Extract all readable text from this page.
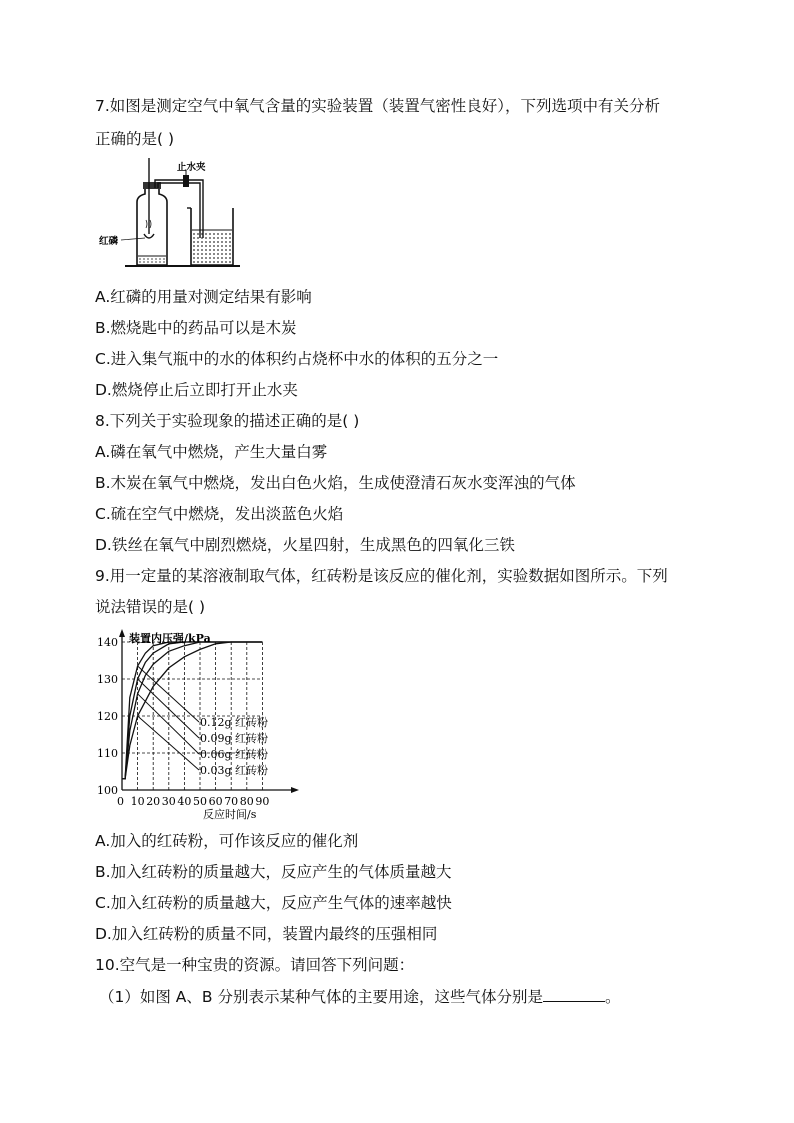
7.如图是测定空气中氧气含量的实验装置（装置气密性良好），下列选项中有关分析
正确的是( )
止水夹
红磷
A.红磷的用量对测定结果有影响
B.燃烧匙中的药品可以是木炭
C.进入集气瓶中的水的体积约占烧杯中水的体积的五分之一
D.燃烧停止后立即打开止水夹
8.下列关于实验现象的描述正确的是( )
A.磷在氧气中燃烧，产生大量白雾
B.木炭在氧气中燃烧，发出白色火焰，生成使澄清石灰水变浑浊的气体
C.硫在空气中燃烧，发出淡蓝色火焰
D.铁丝在氧气中剧烈燃烧，火星四射，生成黑色的四氧化三铁
9.用一定量的某溶液制取气体，红砖粉是该反应的催化剂，实验数据如图所示。下列
说法错误的是( )
0.12g 红砖粉
0.09g 红砖粉
0.06g 红砖粉
0.03g 红砖粉
0 10 20 30 40 50 60 70 80 90
100
110
120
130
140 装置内压强/kPa
反应时间/s
A.加入的红砖粉，可作该反应的催化剂
B.加入红砖粉的质量越大，反应产生的气体质量越大
C.加入红砖粉的质量越大，反应产生气体的速率越快
D.加入红砖粉的质量不同，装置内最终的压强相同
10.空气是一种宝贵的资源。请回答下列问题：
（1）如图 A、B 分别表示某种气体的主要用途，这些气体分别是	。
